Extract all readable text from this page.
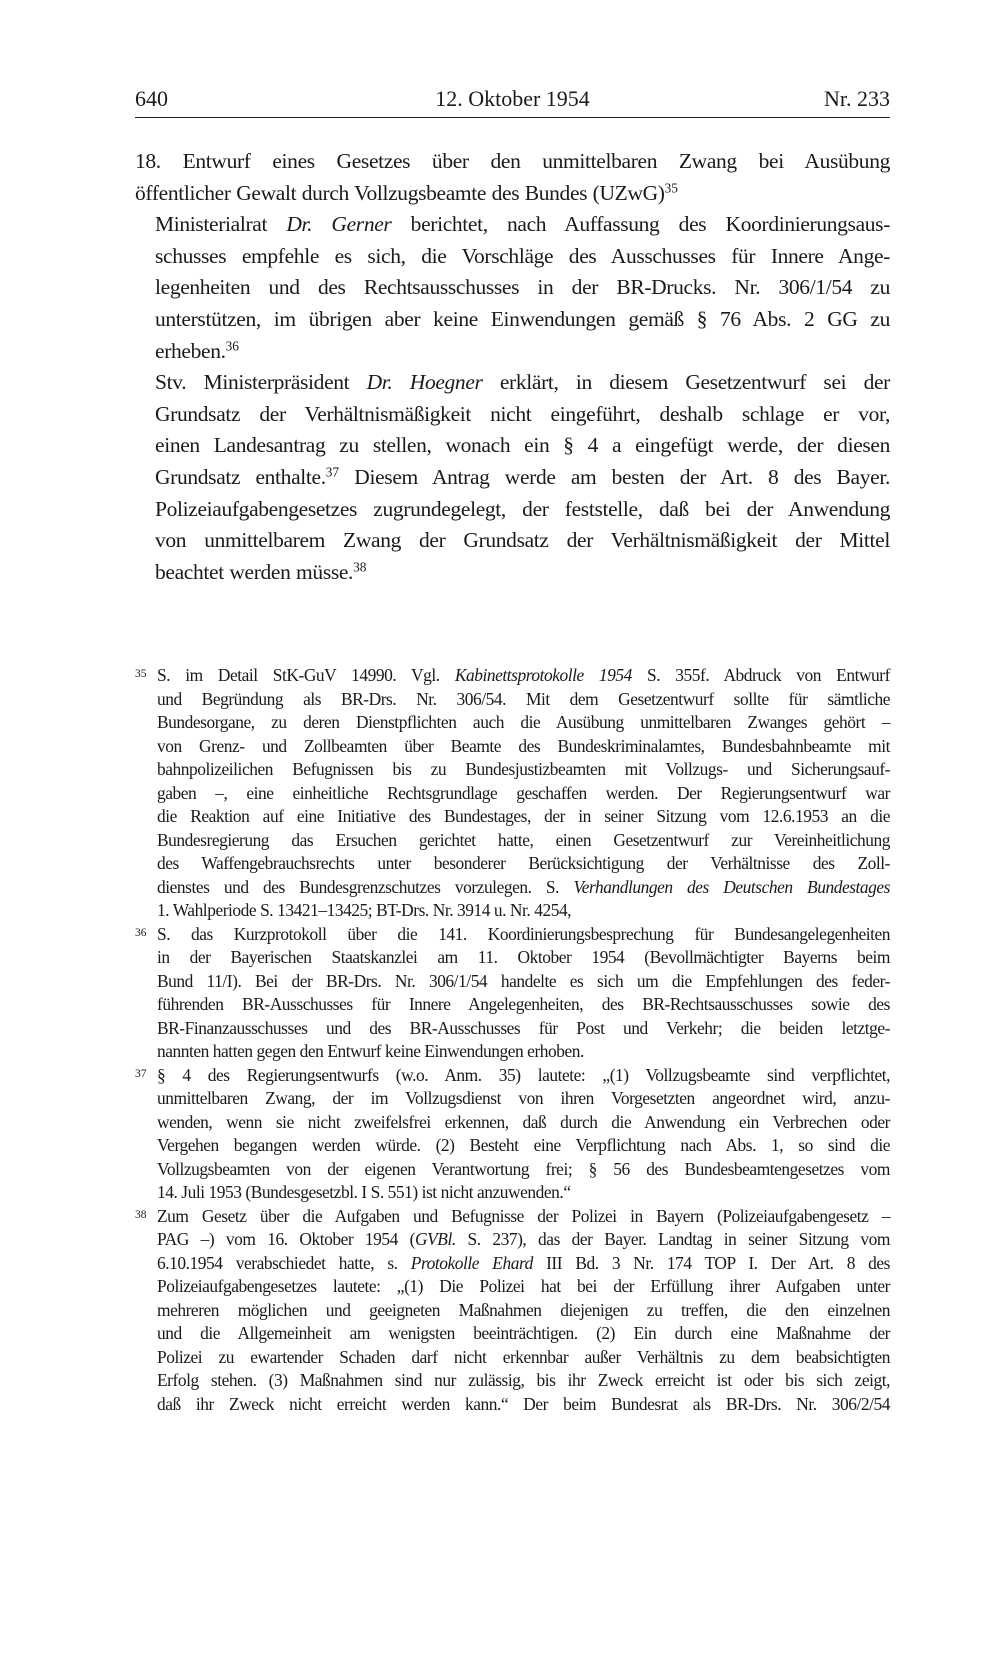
640	12. Oktober 1954	Nr. 233

18. Entwurf eines Gesetzes über den unmittelbaren Zwang bei Ausübung
öffentlicher Gewalt durch Vollzugsbeamte des Bundes (UZwG)$^{35}$

Ministerialrat Dr. Gerner berichtet, nach Auffassung des Koordinierungsaus-
schusses empfehle es sich, die Vorschläge des Ausschusses für Innere Ange-
legenheiten und des Rechtsausschusses in der BR-Drucks. Nr. 306/1/54 zu
unterstützen, im übrigen aber keine Einwendungen gemäß § 76 Abs. 2 GG zu
erheben.$^{36}$

Stv. Ministerpräsident Dr. Hoegner erklärt, in diesem Gesetzentwurf sei der
Grundsatz der Verhältnismäßigkeit nicht eingeführt, deshalb schlage er vor,
einen Landesantrag zu stellen, wonach ein § 4 a eingefügt werde, der diesen
Grundsatz enthalte.$^{37}$ Diesem Antrag werde am besten der Art. 8 des Bayer.
Polizeiaufgabengesetzes zugrundegelegt, der feststelle, daß bei der Anwendung
von unmittelbarem Zwang der Grundsatz der Verhältnismäßigkeit der Mittel
beachtet werden müsse.$^{38}$

35 S. im Detail StK-GuV 14990. Vgl. Kabinettsprotokolle 1954 S. 355f. Abdruck von Entwurf
und Begründung als BR-Drs. Nr. 306/54. Mit dem Gesetzentwurf sollte für sämtliche
Bundesorgane, zu deren Dienstpflichten auch die Ausübung unmittelbaren Zwanges gehört –
von Grenz- und Zollbeamten über Beamte des Bundeskriminalamtes, Bundesbahnbeamte mit
bahnpolizeilichen Befugnissen bis zu Bundesjustizbeamten mit Vollzugs- und Sicherungsauf-
gaben –, eine einheitliche Rechtsgrundlage geschaffen werden. Der Regierungsentwurf war
die Reaktion auf eine Initiative des Bundestages, der in seiner Sitzung vom 12.6.1953 an die
Bundesregierung das Ersuchen gerichtet hatte, einen Gesetzentwurf zur Vereinheitlichung
des Waffengebrauchsrechts unter besonderer Berücksichtigung der Verhältnisse des Zoll-
dienstes und des Bundesgrenzschutzes vorzulegen. S. Verhandlungen des Deutschen Bundestages
1. Wahlperiode S. 13421–13425; BT-Drs. Nr. 3914 u. Nr. 4254,

36 S. das Kurzprotokoll über die 141. Koordinierungsbesprechung für Bundesangelegenheiten
in der Bayerischen Staatskanzlei am 11. Oktober 1954 (Bevollmächtigter Bayerns beim
Bund 11/I). Bei der BR-Drs. Nr. 306/1/54 handelte es sich um die Empfehlungen des feder-
führenden BR-Ausschusses für Innere Angelegenheiten, des BR-Rechtsausschusses sowie des
BR-Finanzausschusses und des BR-Ausschusses für Post und Verkehr; die beiden letztge-
nannten hatten gegen den Entwurf keine Einwendungen erhoben.

37 § 4 des Regierungsentwurfs (w.o. Anm. 35) lautete: „(1) Vollzugsbeamte sind verpflichtet,
unmittelbaren Zwang, der im Vollzugsdienst von ihren Vorgesetzten angeordnet wird, anzu-
wenden, wenn sie nicht zweifelsfrei erkennen, daß durch die Anwendung ein Verbrechen oder
Vergehen begangen werden würde. (2) Besteht eine Verpflichtung nach Abs. 1, so sind die
Vollzugsbeamten von der eigenen Verantwortung frei; § 56 des Bundesbeamtengesetzes vom
14. Juli 1953 (Bundesgesetzbl. I S. 551) ist nicht anzuwenden.“

38 Zum Gesetz über die Aufgaben und Befugnisse der Polizei in Bayern (Polizeiaufgabengesetz –
PAG –) vom 16. Oktober 1954 (GVBl. S. 237), das der Bayer. Landtag in seiner Sitzung vom
6.10.1954 verabschiedet hatte, s. Protokolle Ehard III Bd. 3 Nr. 174 TOP I. Der Art. 8 des
Polizeiaufgabengesetzes lautete: „(1) Die Polizei hat bei der Erfüllung ihrer Aufgaben unter
mehreren möglichen und geeigneten Maßnahmen diejenigen zu treffen, die den einzelnen
und die Allgemeinheit am wenigsten beeinträchtigen. (2) Ein durch eine Maßnahme der
Polizei zu ewartender Schaden darf nicht erkennbar außer Verhältnis zu dem beabsichtigten
Erfolg stehen. (3) Maßnahmen sind nur zulässig, bis ihr Zweck erreicht ist oder bis sich zeigt,
daß ihr Zweck nicht erreicht werden kann.“ Der beim Bundesrat als BR-Drs. Nr. 306/2/54
